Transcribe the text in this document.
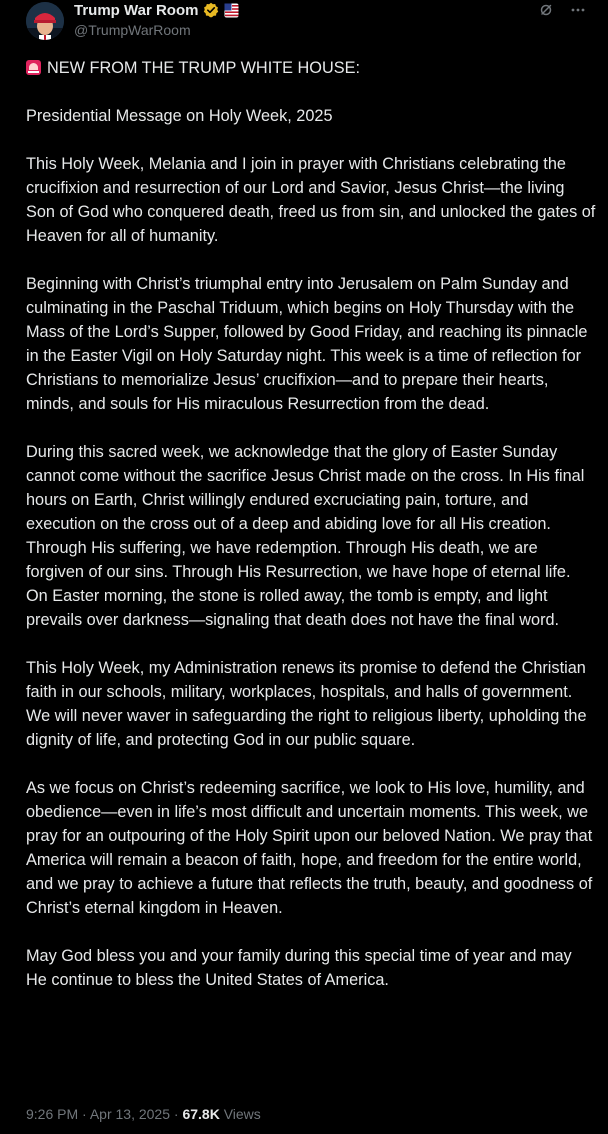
Trump War Room
@TrumpWarRoom

NEW FROM THE TRUMP WHITE HOUSE:

Presidential Message on Holy Week, 2025

This Holy Week, Melania and I join in prayer with Christians celebrating the crucifixion and resurrection of our Lord and Savior, Jesus Christ—the living Son of God who conquered death, freed us from sin, and unlocked the gates of Heaven for all of humanity.

Beginning with Christ’s triumphal entry into Jerusalem on Palm Sunday and culminating in the Paschal Triduum, which begins on Holy Thursday with the Mass of the Lord’s Supper, followed by Good Friday, and reaching its pinnacle in the Easter Vigil on Holy Saturday night. This week is a time of reflection for Christians to memorialize Jesus’ crucifixion—and to prepare their hearts, minds, and souls for His miraculous Resurrection from the dead.

During this sacred week, we acknowledge that the glory of Easter Sunday cannot come without the sacrifice Jesus Christ made on the cross. In His final hours on Earth, Christ willingly endured excruciating pain, torture, and execution on the cross out of a deep and abiding love for all His creation. Through His suffering, we have redemption. Through His death, we are forgiven of our sins. Through His Resurrection, we have hope of eternal life. On Easter morning, the stone is rolled away, the tomb is empty, and light prevails over darkness—signaling that death does not have the final word.

This Holy Week, my Administration renews its promise to defend the Christian faith in our schools, military, workplaces, hospitals, and halls of government. We will never waver in safeguarding the right to religious liberty, upholding the dignity of life, and protecting God in our public square.

As we focus on Christ’s redeeming sacrifice, we look to His love, humility, and obedience—even in life’s most difficult and uncertain moments. This week, we pray for an outpouring of the Holy Spirit upon our beloved Nation. We pray that America will remain a beacon of faith, hope, and freedom for the entire world, and we pray to achieve a future that reflects the truth, beauty, and goodness of Christ’s eternal kingdom in Heaven.

May God bless you and your family during this special time of year and may He continue to bless the United States of America.

9:26 PM · Apr 13, 2025 · 67.8K Views
